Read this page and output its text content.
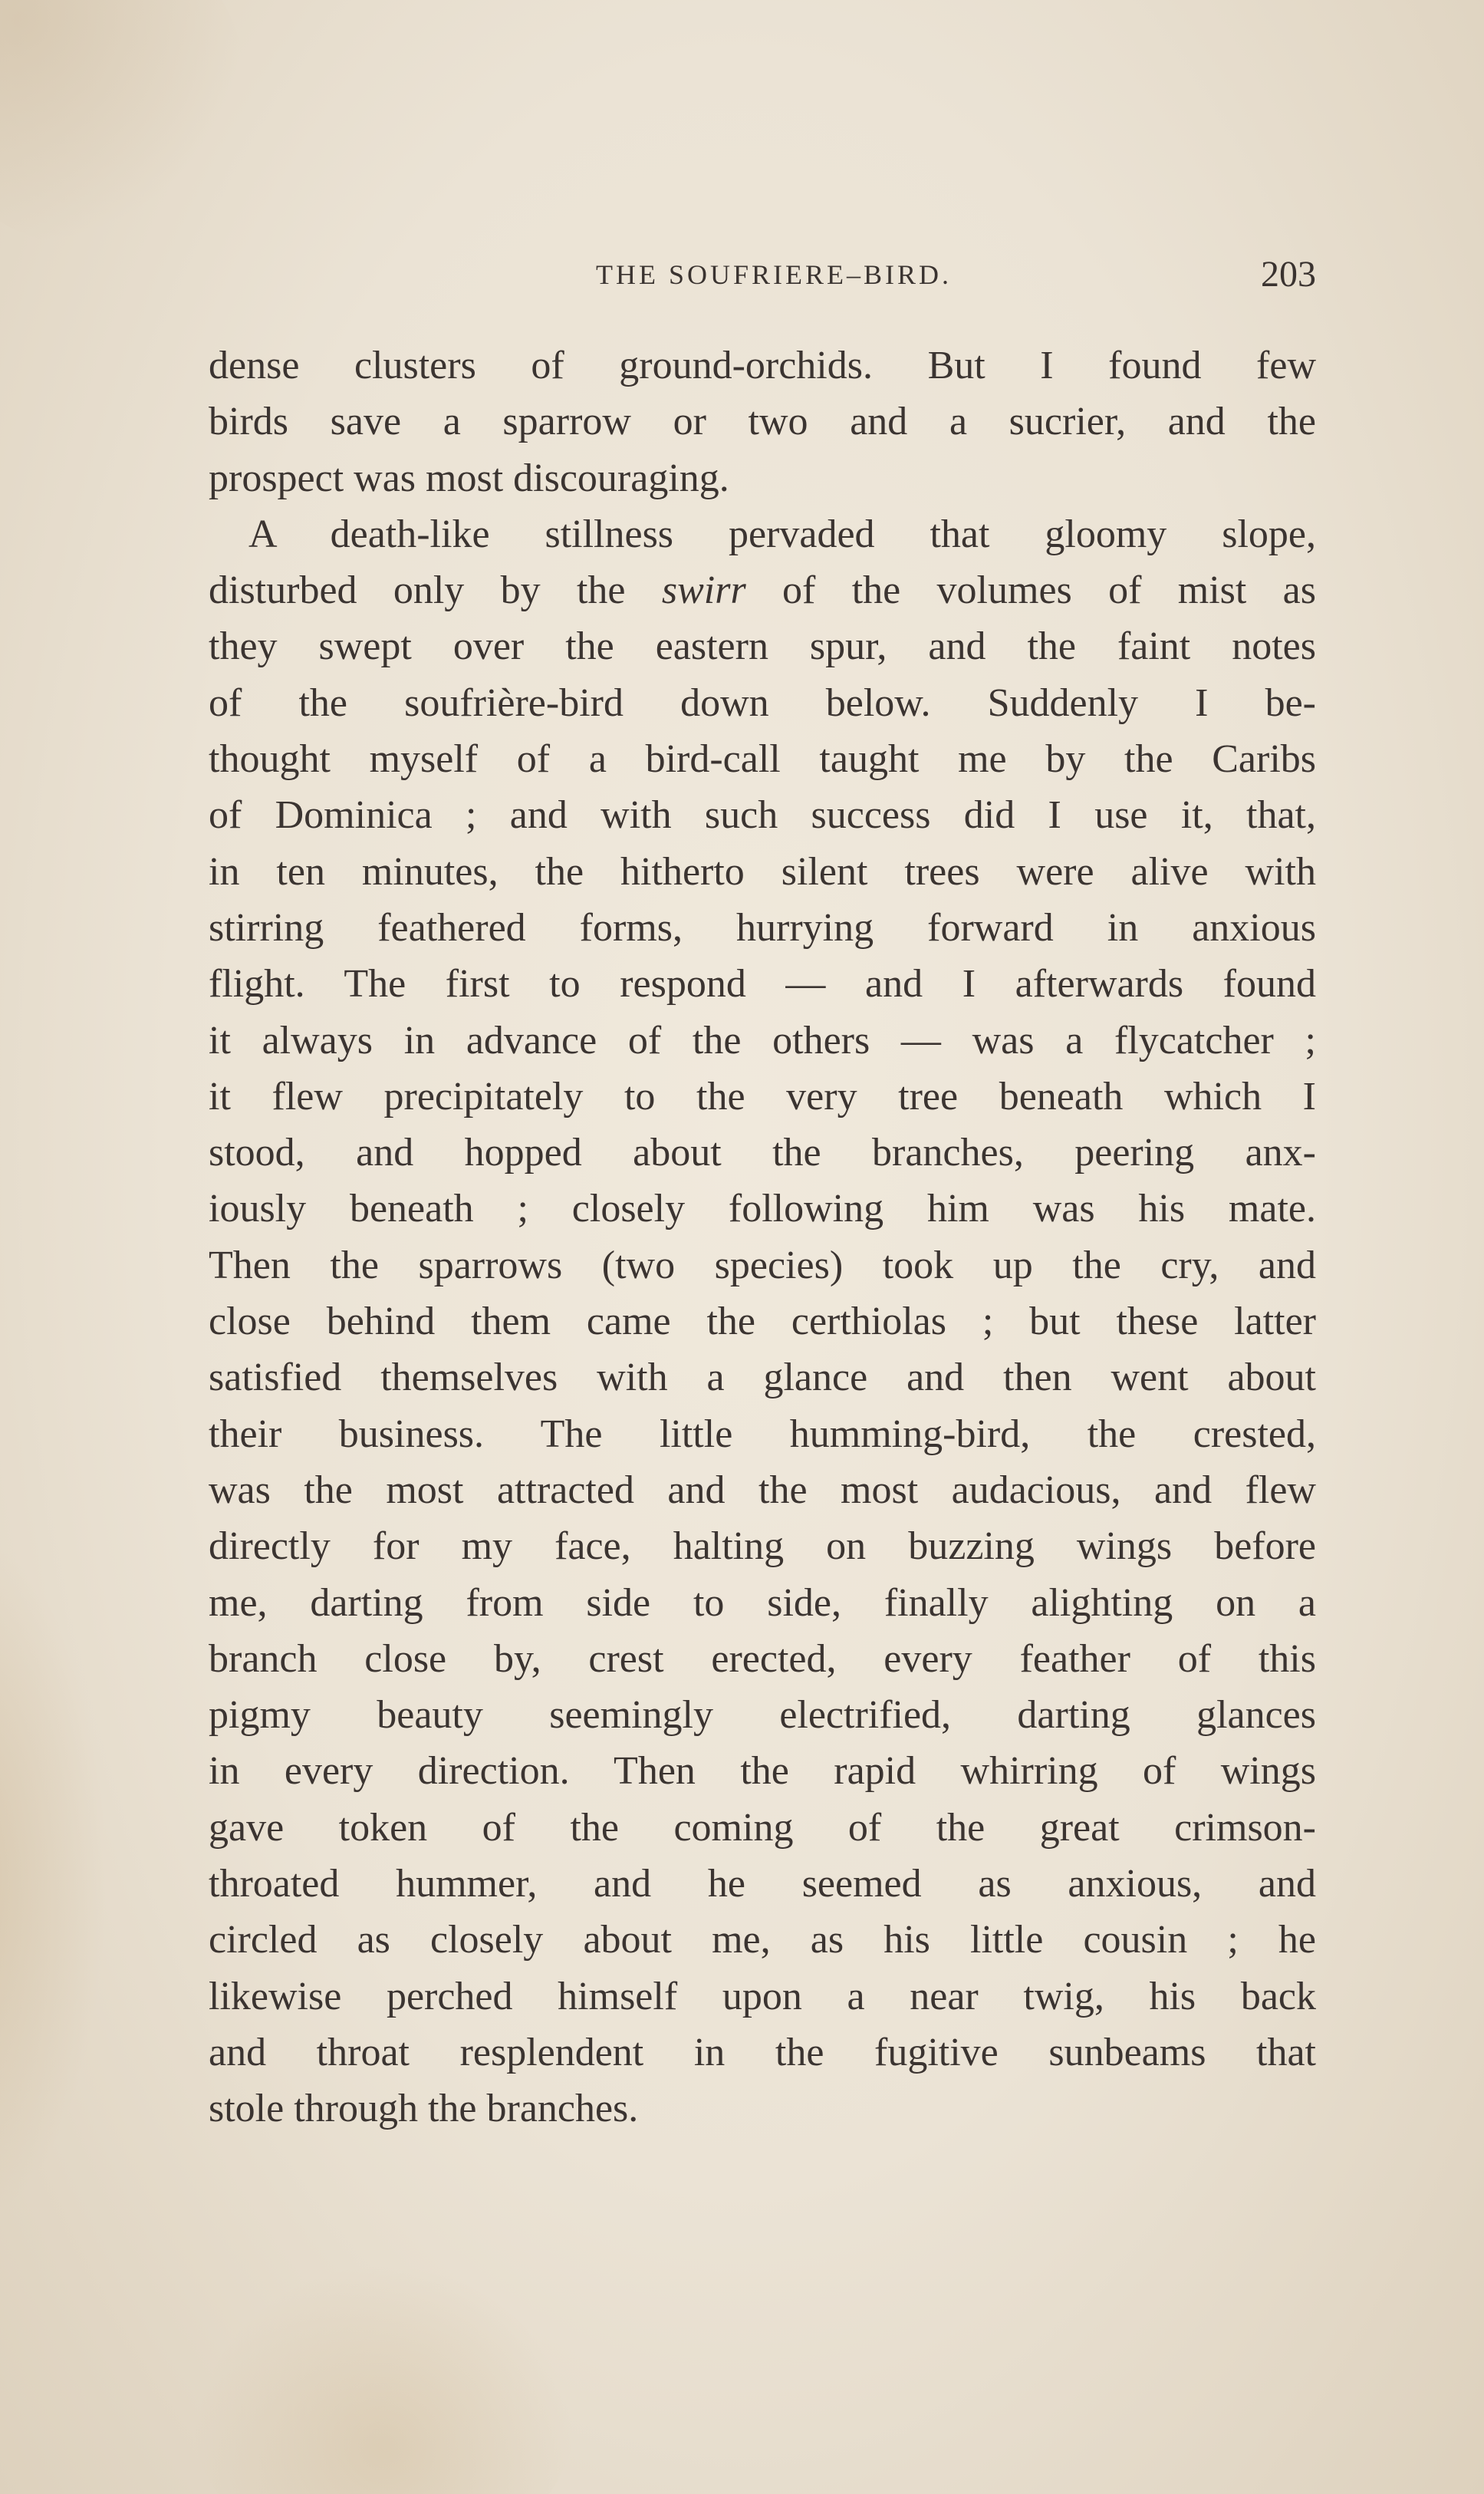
THE SOUFRIERE–BIRD.	203
dense clusters of ground-orchids. But I found few
birds save a sparrow or two and a sucrier, and the
prospect was most discouraging.
A death-like stillness pervaded that gloomy slope,
disturbed only by the swirr of the volumes of mist as
they swept over the eastern spur, and the faint notes
of the soufrière-bird down below. Suddenly I be-
thought myself of a bird-call taught me by the Caribs
of Dominica ; and with such success did I use it, that,
in ten minutes, the hitherto silent trees were alive with
stirring feathered forms, hurrying forward in anxious
flight. The first to respond — and I afterwards found
it always in advance of the others — was a flycatcher ;
it flew precipitately to the very tree beneath which I
stood, and hopped about the branches, peering anx-
iously beneath ; closely following him was his mate.
Then the sparrows (two species) took up the cry, and
close behind them came the certhiolas ; but these latter
satisfied themselves with a glance and then went about
their business. The little humming-bird, the crested,
was the most attracted and the most audacious, and flew
directly for my face, halting on buzzing wings before
me, darting from side to side, finally alighting on a
branch close by, crest erected, every feather of this
pigmy beauty seemingly electrified, darting glances
in every direction. Then the rapid whirring of wings
gave token of the coming of the great crimson-
throated hummer, and he seemed as anxious, and
circled as closely about me, as his little cousin ; he
likewise perched himself upon a near twig, his back
and throat resplendent in the fugitive sunbeams that
stole through the branches.
